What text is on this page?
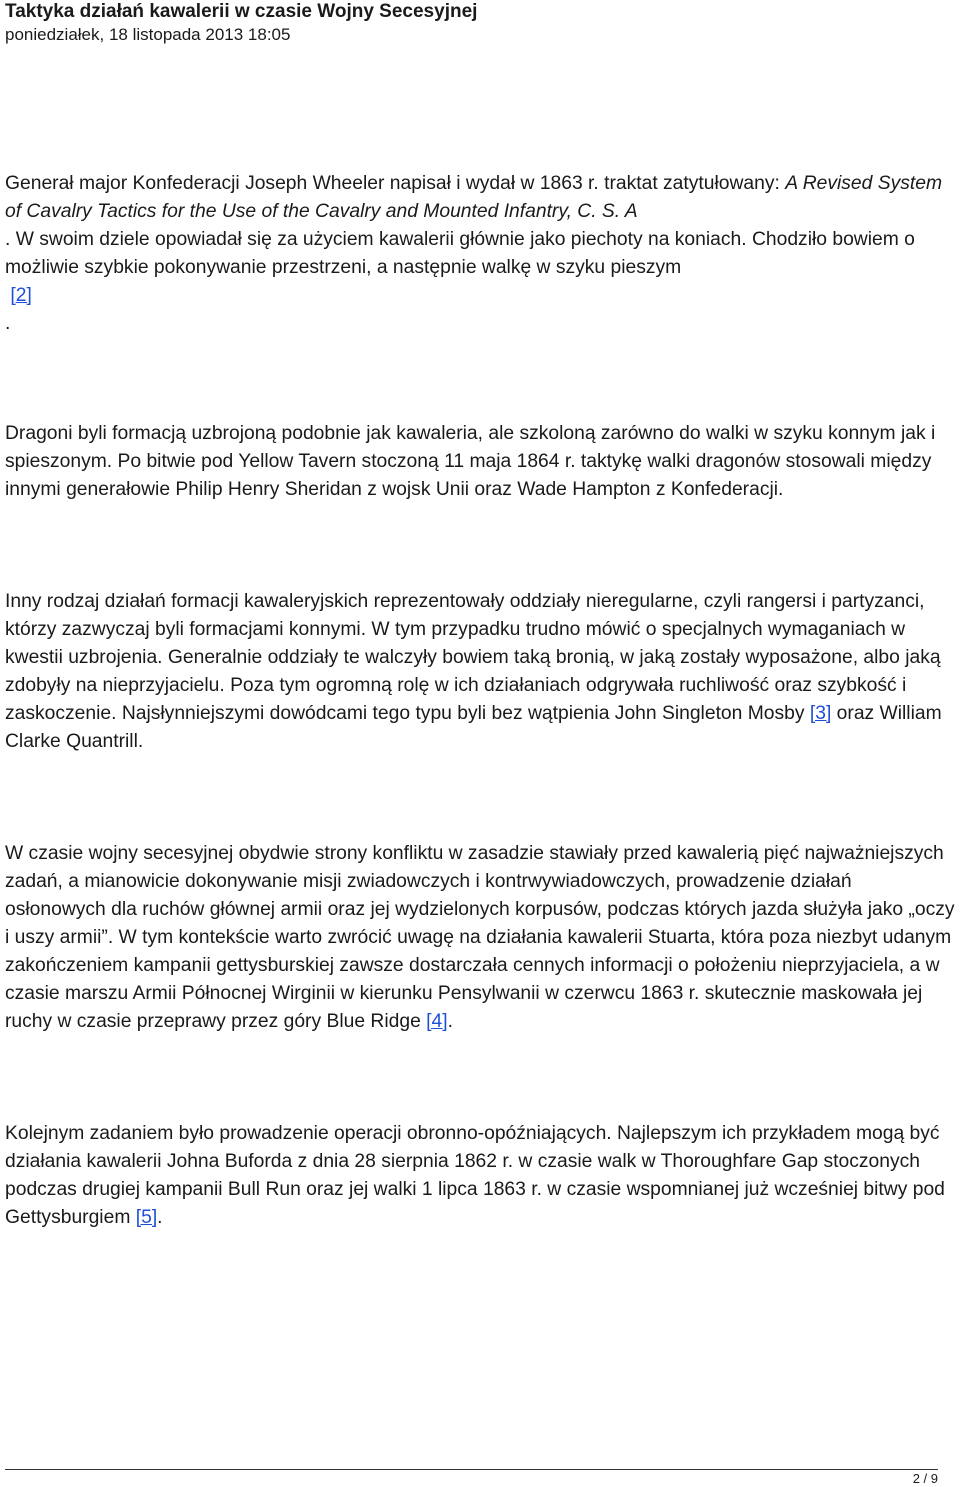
Taktyka działań kawalerii w czasie Wojny Secesyjnej

poniedziałek, 18 listopada 2013 18:05

Generał major Konfederacji Joseph Wheeler napisał i wydał w 1863 r. traktat zatytułowany: A Revised System of Cavalry Tactics for the Use of the Cavalry and Mounted Infantry, C. S. A
. W swoim dziele opowiadał się za użyciem kawalerii głównie jako piechoty na koniach. Chodziło bowiem o możliwie szybkie pokonywanie przestrzeni, a następnie walkę w szyku pieszym
[2]
.

Dragoni byli formacją uzbrojoną podobnie jak kawaleria, ale szkoloną zarówno do walki w szyku konnym jak i spieszonym. Po bitwie pod Yellow Tavern stoczoną 11 maja 1864 r. taktykę walki dragonów stosowali między innymi generałowie Philip Henry Sheridan z wojsk Unii oraz Wade Hampton z Konfederacji.

Inny rodzaj działań formacji kawaleryjskich reprezentowały oddziały nieregularne, czyli rangersi i partyzanci, którzy zazwyczaj byli formacjami konnymi. W tym przypadku trudno mówić o specjalnych wymaganiach w kwestii uzbrojenia. Generalnie oddziały te walczyły bowiem taką bronią, w jaką zostały wyposażone, albo jaką zdobyły na nieprzyjacielu. Poza tym ogromną rolę w ich działaniach odgrywała ruchliwość oraz szybkość i zaskoczenie. Najsłynniejszymi dowódcami tego typu byli bez wątpienia John Singleton Mosby [3] oraz William Clarke Quantrill.

W czasie wojny secesyjnej obydwie strony konfliktu w zasadzie stawiały przed kawalerią pięć najważniejszych zadań, a mianowicie dokonywanie misji zwiadowczych i kontrwywiadowczych, prowadzenie działań osłonowych dla ruchów głównej armii oraz jej wydzielonych korpusów, podczas których jazda służyła jako „oczy i uszy armii”. W tym kontekście warto zwrócić uwagę na działania kawalerii Stuarta, która poza niezbyt udanym zakończeniem kampanii gettysburskiej zawsze dostarczała cennych informacji o położeniu nieprzyjaciela, a w czasie marszu Armii Północnej Wirginii w kierunku Pensylwanii w czerwcu 1863 r. skutecznie maskowała jej ruchy w czasie przeprawy przez góry Blue Ridge [4].

Kolejnym zadaniem było prowadzenie operacji obronno-opóźniających. Najlepszym ich przykładem mogą być działania kawalerii Johna Buforda z dnia 28 sierpnia 1862 r. w czasie walk w Thoroughfare Gap stoczonych podczas drugiej kampanii Bull Run oraz jej walki 1 lipca 1863 r. w czasie wspomnianej już wcześniej bitwy pod Gettysburgiem [5].

2 / 9
